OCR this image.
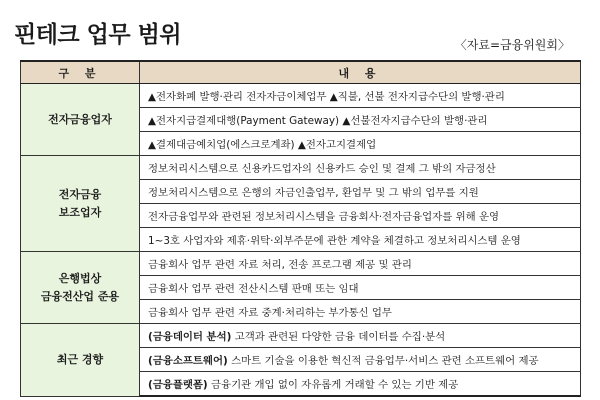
핀테크 업무 범위	〈자료=금융위원회〉
구 분	내 용
전자금융업자	▲전자화폐 발행·관리 전자자금이체업무 ▲직불, 선불 전자지급수단의 발행·관리
	▲전자지급결제대행(Payment Gateway) ▲선불전자지급수단의 발행·관리
	▲결제대금예치업(에스크로계좌) ▲전자고지결제업

전자금융
보조업자	정보처리시스템으로 신용카드업자의 신용카드 승인 및 결제 그 밖의 자금정산
	정보처리시스템으로 은행의 자금인출업무, 환업무 및 그 밖의 업무를 지원
	전자금융업무와 관련된 정보처리시스템을 금융회사·전자금융업자를 위해 운영
	1~3호 사업자와 제휴·위탁·외부주문에 관한 계약을 체결하고 정보처리시스템 운영

은행법상
금융전산업 준용	금융회사 업무 관련 자료 처리, 전송 프로그램 제공 및 관리
	금융회사 업무 관련 전산시스템 판매 또는 임대
	금융회사 업무 관련 자료 중계·처리하는 부가통신 업무
최근 경향	(금융데이터 분석) 고객과 관련된 다양한 금융 데이터를 수집·분석
	(금융소프트웨어) 스마트 기술을 이용한 혁신적 금융업무·서비스 관련 소프트웨어 제공
	(금융플랫폼) 금융기관 개입 없이 자유롭게 거래할 수 있는 기반 제공
